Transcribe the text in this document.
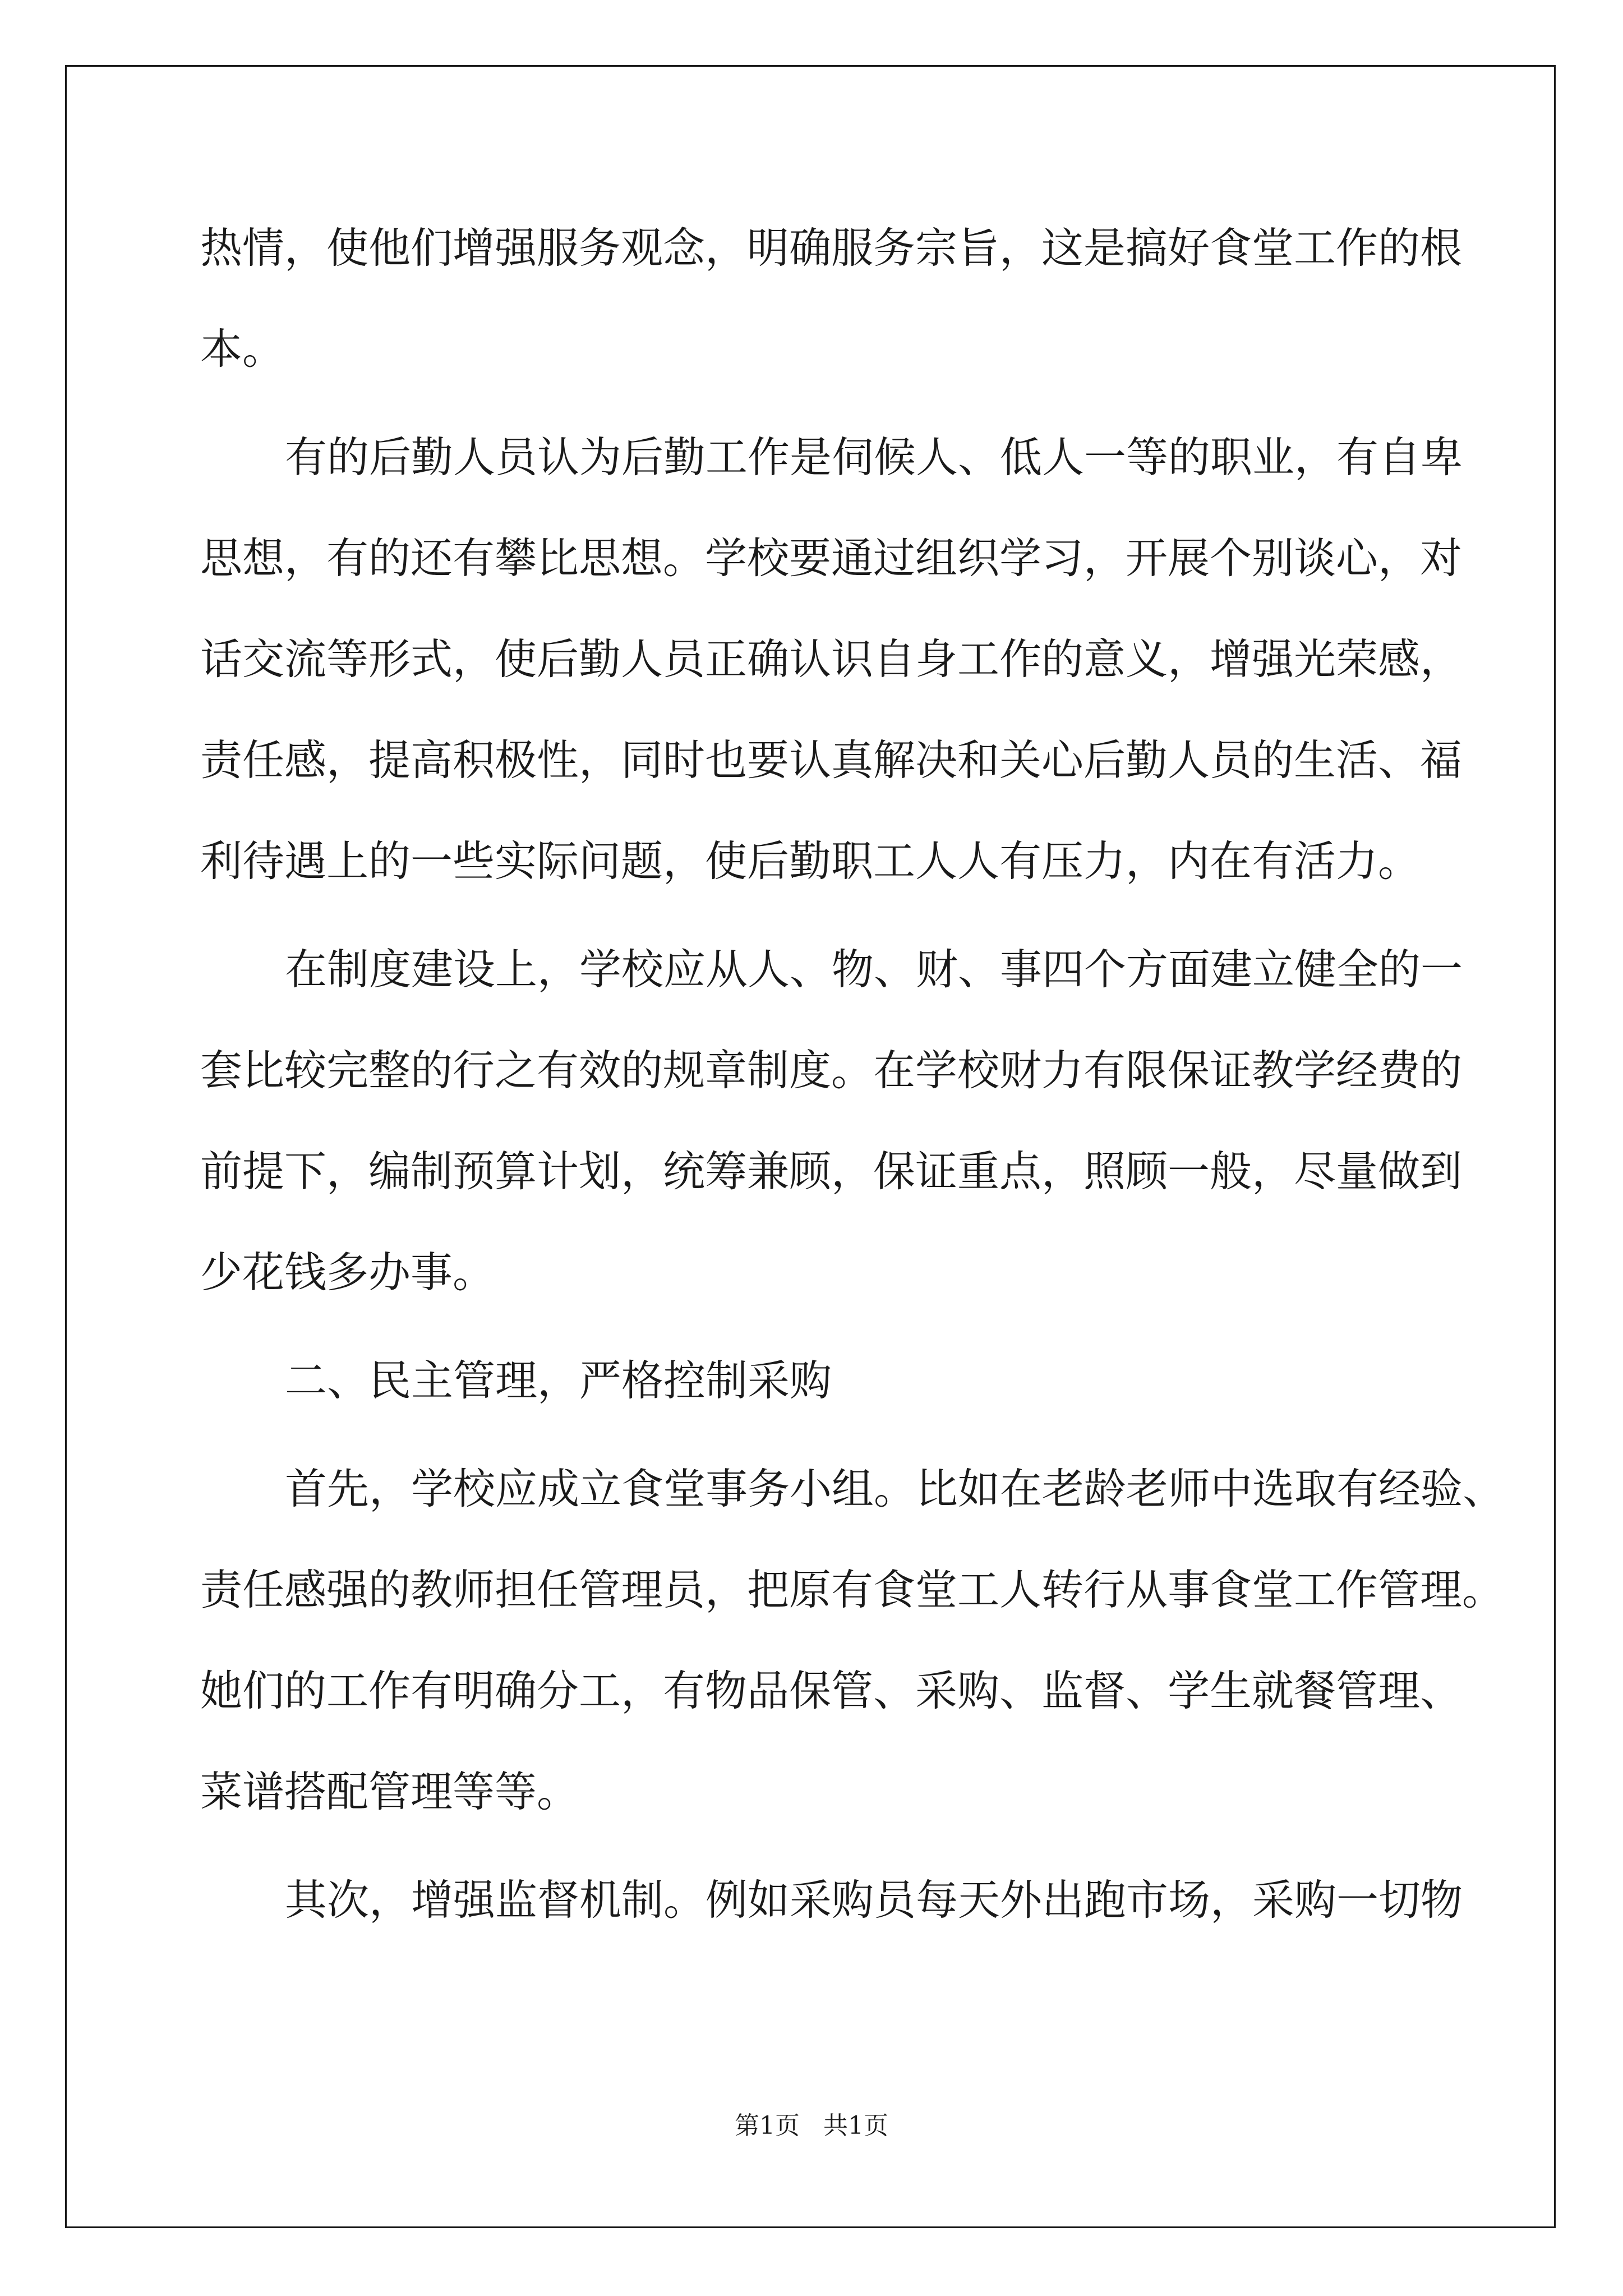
热情，使他们增强服务观念，明确服务宗旨，这是搞好食堂工作的根

本。

有的后勤人员认为后勤工作是伺候人、低人一等的职业，有自卑

思想，有的还有攀比思想。学校要通过组织学习，开展个别谈心，对

话交流等形式，使后勤人员正确认识自身工作的意义，增强光荣感，

责任感，提高积极性，同时也要认真解决和关心后勤人员的生活、福

利待遇上的一些实际问题，使后勤职工人人有压力，内在有活力。

在制度建设上，学校应从人、物、财、事四个方面建立健全的一

套比较完整的行之有效的规章制度。在学校财力有限保证教学经费的

前提下，编制预算计划，统筹兼顾，保证重点，照顾一般，尽量做到

少花钱多办事。

二、民主管理，严格控制采购

首先，学校应成立食堂事务小组。比如在老龄老师中选取有经验、

责任感强的教师担任管理员，把原有食堂工人转行从事食堂工作管理。

她们的工作有明确分工，有物品保管、采购、监督、学生就餐管理、

菜谱搭配管理等等。

其次，增强监督机制。例如采购员每天外出跑市场，采购一切物

第1页   共1页
